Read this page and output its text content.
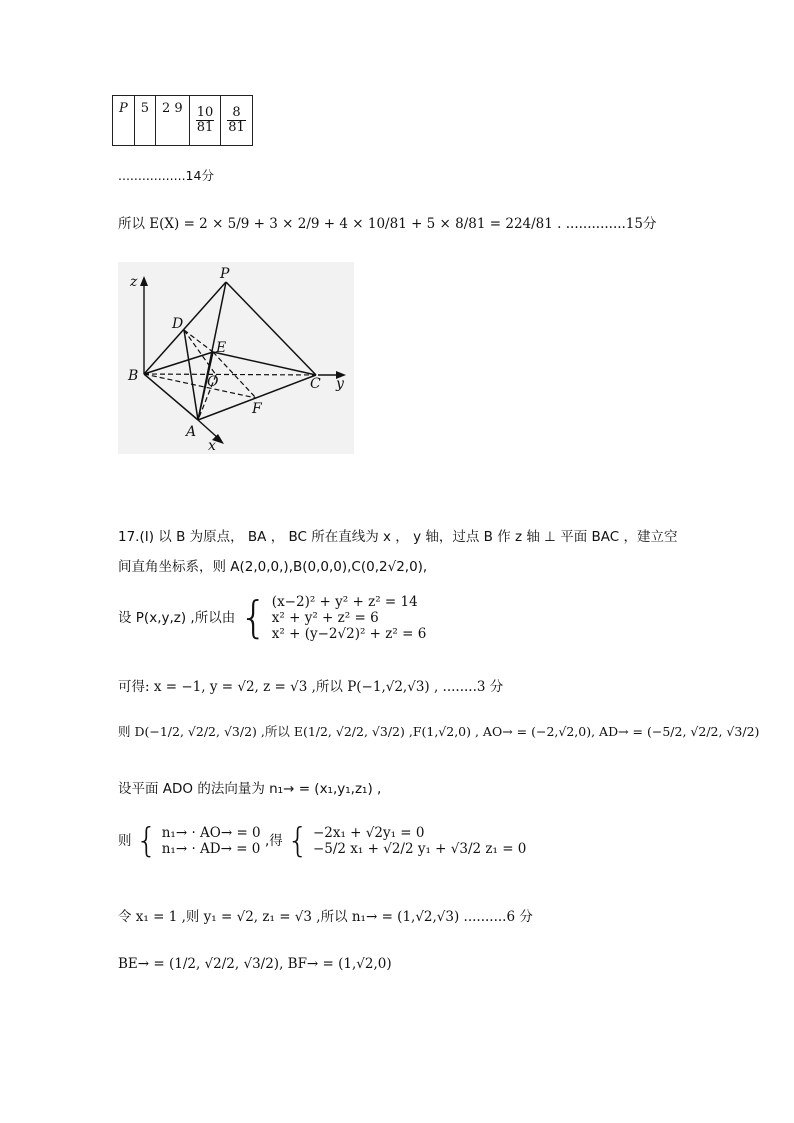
P	5	2 9	$\frac{10}{81}$	$\frac{8}{81}$
.................14分
所以 E(X) = 2 × 5/9 + 3 × 2/9 + 4 × 10/81 + 5 × 8/81 = 224/81 . ..............15分
z	P
D
E
O
B	C y
F
A
x
17.(I) 以 B 为原点， BA ， BC 所在直线为 x ， y 轴，过点 B 作 z 轴 ⊥ 平面 BAC ，建立空
间直角坐标系，则 A(2,0,0,),B(0,0,0),C(0,2√2,0),
设 P(x,y,z) ,所以由 { (x−2)² + y² + z² = 14
x² + y² + z² = 6
x² + (y−2√2)² + z² = 6
可得: x = −1, y = √2, z = √3 ,所以 P(−1,√2,√3) , ........3 分
则 D(−1/2, √2/2, √3/2) ,所以 E(1/2, √2/2, √3/2) ,F(1,√2,0) , AO→ = (−2,√2,0), AD→ = (−5/2, √2/2, √3/2)
设平面 ADO 的法向量为 n₁→ = (x₁,y₁,z₁) ,
则 { n₁→ · AO→ = 0
n₁→ · AD→ = 0 ,得 { −2x₁ + √2y₁ = 0
−5/2 x₁ + √2/2 y₁ + √3/2 z₁ = 0
令 x₁ = 1 ,则 y₁ = √2, z₁ = √3 ,所以 n₁→ = (1,√2,√3) ..........6 分
BE→ = (1/2, √2/2, √3/2), BF→ = (1,√2,0)
